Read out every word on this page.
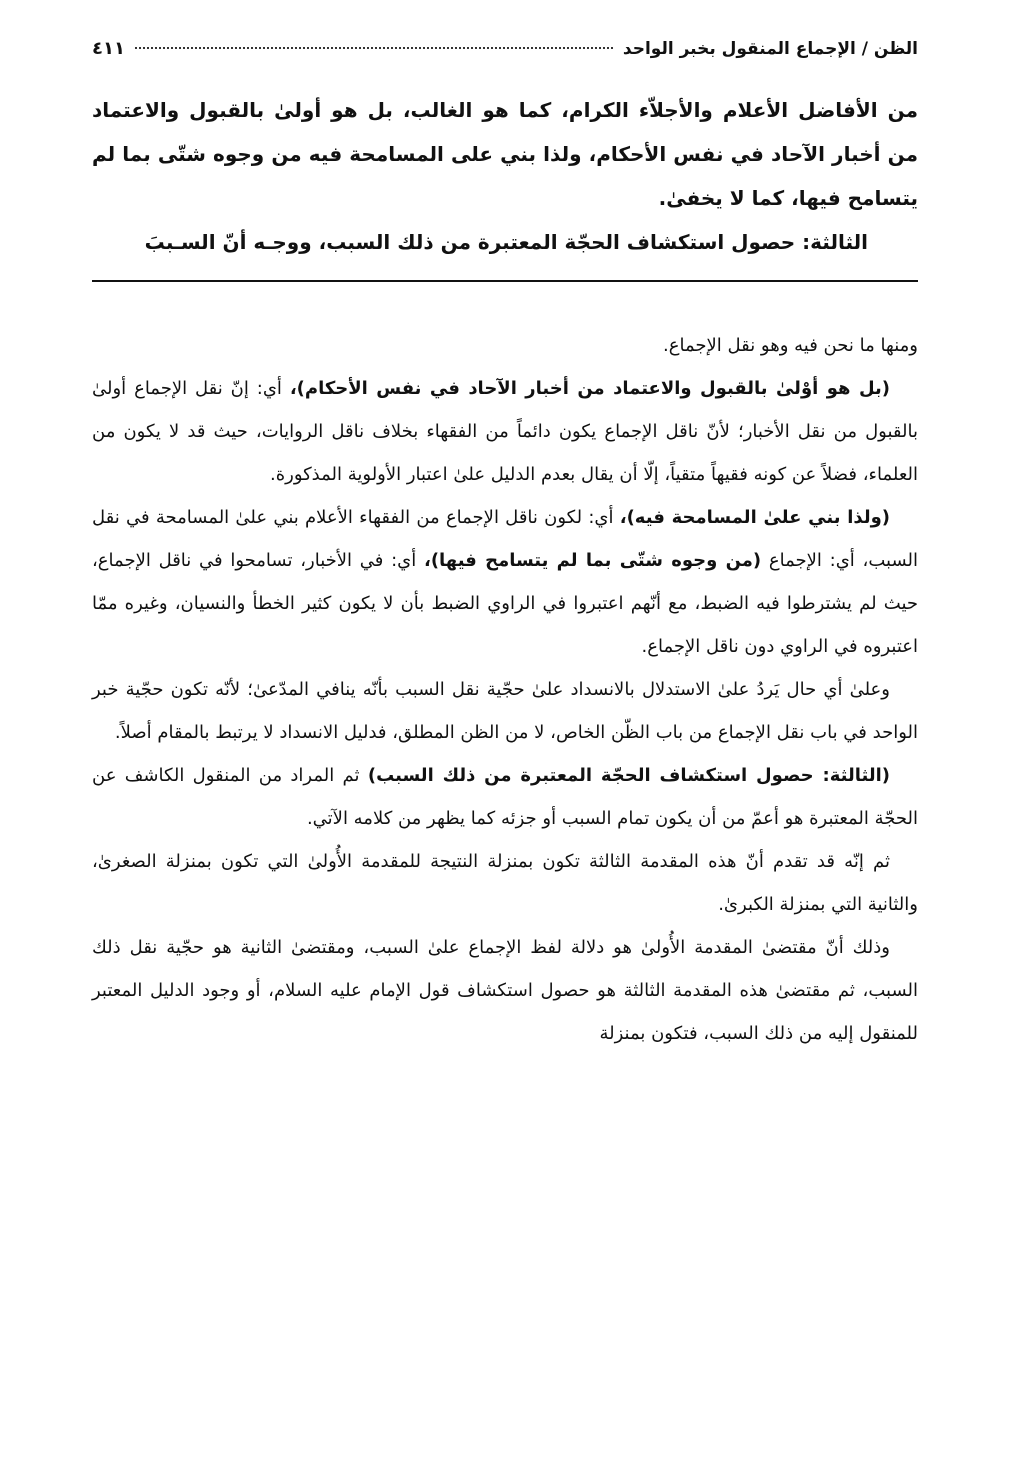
الظن / الإجماع المنقول بخبر الواحد
٤١١

من الأفاضل الأعلام والأجلاّء الكرام، كما هو الغالب، بل هو أولىٰ بالقبول والاعتماد من أخبار الآحاد في نفس الأحكام، ولذا بني على المسامحة فيه من وجوه شتّى بما لم يتسامح فيها، كما لا يخفىٰ.

الثالثة: حصول استكشاف الحجّة المعتبرة من ذلك السبب، ووجـه أنّ السـببَ

ومنها ما نحن فيه وهو نقل الإجماع.

(بل هو أوْلىٰ بالقبول والاعتماد من أخبار الآحاد في نفس الأحكام)، أي: إنّ نقل الإجماع أولىٰ بالقبول من نقل الأخبار؛ لأنّ ناقل الإجماع يكون دائماً من الفقهاء بخلاف ناقل الروايات، حيث قد لا يكون من العلماء، فضلاً عن كونه فقيهاً متقياً، إلّا أن يقال بعدم الدليل علىٰ اعتبار الأولوية المذكورة.

(ولذا بني علىٰ المسامحة فيه)، أي: لكون ناقل الإجماع من الفقهاء الأعلام بني علىٰ المسامحة في نقل السبب، أي: الإجماع (من وجوه شتّى بما لم يتسامح فيها)، أي: في الأخبار، تسامحوا في ناقل الإجماع، حيث لم يشترطوا فيه الضبط، مع أنّهم اعتبروا في الراوي الضبط بأن لا يكون كثير الخطأ والنسيان، وغيره ممّا اعتبروه في الراوي دون ناقل الإجماع.

وعلىٰ أي حال يَردُ علىٰ الاستدلال بالانسداد علىٰ حجّية نقل السبب بأنّه ينافي المدّعىٰ؛ لأنّه تكون حجّية خبر الواحد في باب نقل الإجماع من باب الظّن الخاص، لا من الظن المطلق، فدليل الانسداد لا يرتبط بالمقام أصلاً.

(الثالثة: حصول استكشاف الحجّة المعتبرة من ذلك السبب) ثم المراد من المنقول الكاشف عن الحجّة المعتبرة هو أعمّ من أن يكون تمام السبب أو جزئه كما يظهر من كلامه الآتي.

ثم إنّه قد تقدم أنّ هذه المقدمة الثالثة تكون بمنزلة النتيجة للمقدمة الأُولىٰ التي تكون بمنزلة الصغرىٰ، والثانية التي بمنزلة الكبرىٰ.

وذلك أنّ مقتضىٰ المقدمة الأُولىٰ هو دلالة لفظ الإجماع علىٰ السبب، ومقتضىٰ الثانية هو حجّية نقل ذلك السبب، ثم مقتضىٰ هذه المقدمة الثالثة هو حصول استكشاف قول الإمام عليه السلام، أو وجود الدليل المعتبر للمنقول إليه من ذلك السبب، فتكون بمنزلة
